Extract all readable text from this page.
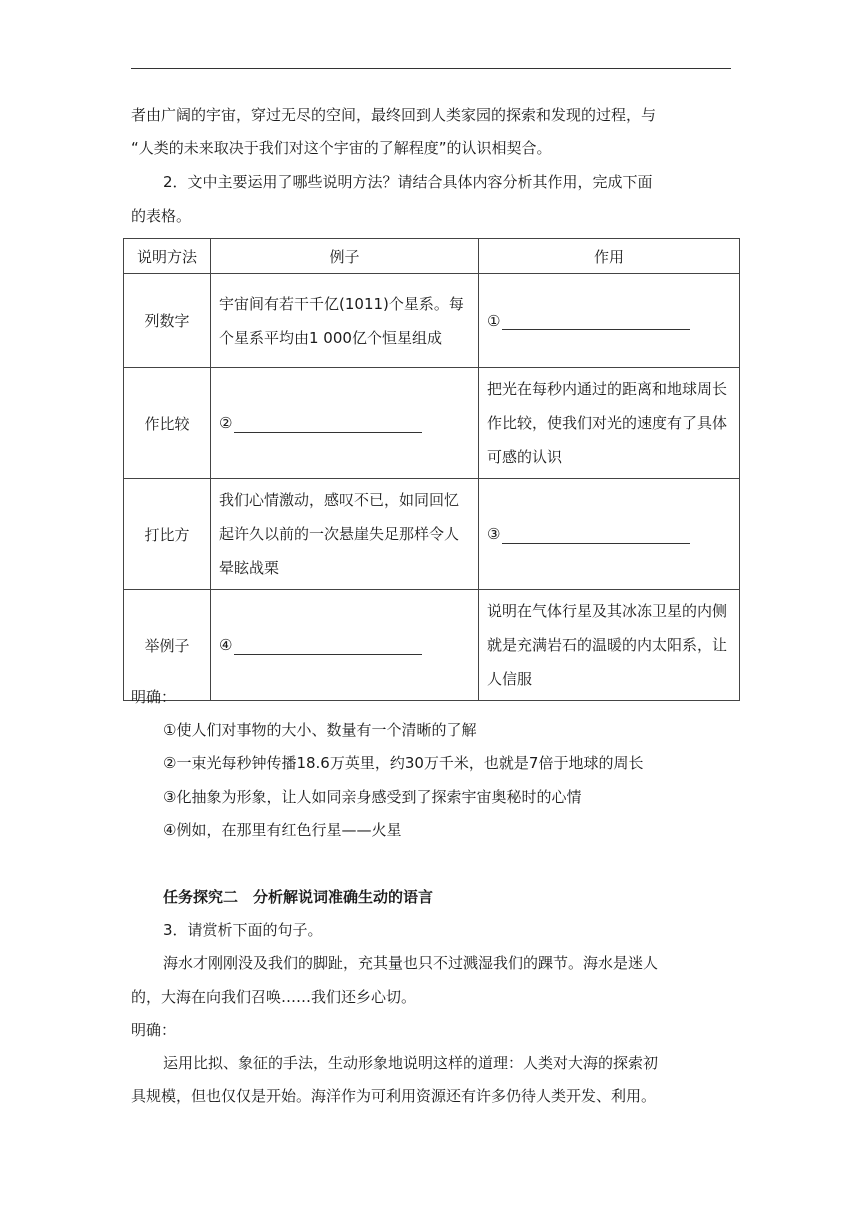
者由广阔的宇宙，穿过无尽的空间，最终回到人类家园的探索和发现的过程，与
“人类的未来取决于我们对这个宇宙的了解程度”的认识相契合。
2．文中主要运用了哪些说明方法？请结合具体内容分析其作用，完成下面
的表格。
说明方法	例子	作用
列数字	宇宙间有若干千亿(1011)个星系。每个星系平均由1 000亿个恒星组成	①
作比较	②	把光在每秒内通过的距离和地球周长作比较，使我们对光的速度有了具体可感的认识
打比方	我们心情激动，感叹不已，如同回忆起许久以前的一次悬崖失足那样令人晕眩战栗	③
举例子	④	说明在气体行星及其冰冻卫星的内侧就是充满岩石的温暖的内太阳系，让人信服
明确：
①使人们对事物的大小、数量有一个清晰的了解
②一束光每秒钟传播18.6万英里，约30万千米，也就是7倍于地球的周长
③化抽象为形象，让人如同亲身感受到了探索宇宙奥秘时的心情
④例如，在那里有红色行星——火星
任务探究二　分析解说词准确生动的语言
3．请赏析下面的句子。
海水才刚刚没及我们的脚趾，充其量也只不过溅湿我们的踝节。海水是迷人
的，大海在向我们召唤……我们还乡心切。
明确：
运用比拟、象征的手法，生动形象地说明这样的道理：人类对大海的探索初
具规模，但也仅仅是开始。海洋作为可利用资源还有许多仍待人类开发、利用。
